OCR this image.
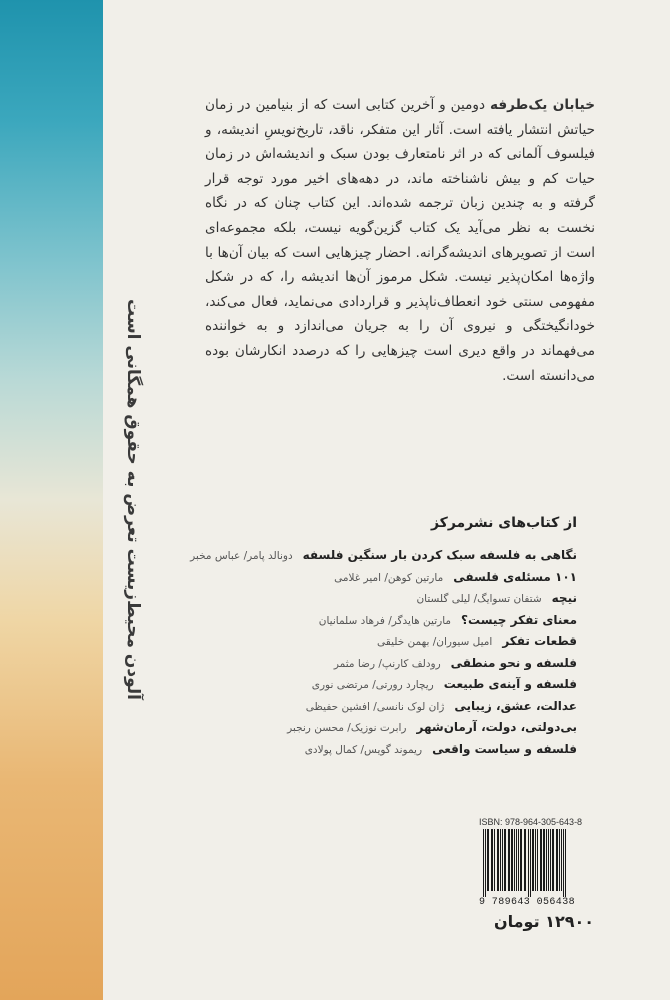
آلودن محیط‌زیست تعرض به حقوق همگانی است
خیابان یک‌طرفه دومین و آخرین کتابی است که از بنیامین در زمان حیاتش انتشار یافته است. آثار این متفکر، ناقد، تاریخ‌نویسِ اندیشه، و فیلسوف آلمانی که در اثر نامتعارف بودن سبک و اندیشه‌اش در زمان حیات کم و بیش ناشناخته ماند، در دهه‌های اخیر مورد توجه قرار گرفته و به چندین زبان ترجمه شده‌اند. این کتاب چنان که در نگاه نخست به نظر می‌آید یک کتاب گزین‌گویه نیست، بلکه مجموعه‌ای است از تصویرهای اندیشه‌گرانه. احضار چیزهایی است که بیان آن‌ها با واژه‌ها امکان‌پذیر نیست. شکل مرموز آن‌ها اندیشه را، که در شکل مفهومی سنتی خود انعطاف‌ناپذیر و قراردادی می‌نماید، فعال می‌کند، خودانگیختگی و نیروی آن را به جریان می‌اندازد و به خواننده می‌فهماند در واقع دیری است چیزهایی را که درصدد انکارشان بوده می‌دانسته است.
از کتاب‌های نشرمرکز
نگاهی به فلسفه سبک کردن بار سنگین فلسفه
دونالد پامر/ عباس مخبر
۱۰۱ مسئله‌ی فلسفی
مارتین کوهن/ امیر غلامی
نیچه
شتفان تسوایگ/ لیلی گلستان
معنای تفکر چیست؟
مارتین هایدگر/ فرهاد سلمانیان
قطعات تفکر
امیل سیوران/ بهمن خلیقی
فلسفه و نحو منطقی
رودلف کارنپ/ رضا مثمر
فلسفه و آینه‌ی طبیعت
ریچارد رورتی/ مرتضی نوری
عدالت، عشق، زیبایی
ژان لوک نانسی/ افشین حفیظی
بی‌دولتی، دولت، آرمان‌شهر
رابرت نوزیک/ محسن رنجبر
فلسفه و سیاست واقعی
ریموند گویس/ کمال پولادی
ISBN: 978-964-305-643-8
9 789643 056438
۱۲۹۰۰ تومان
